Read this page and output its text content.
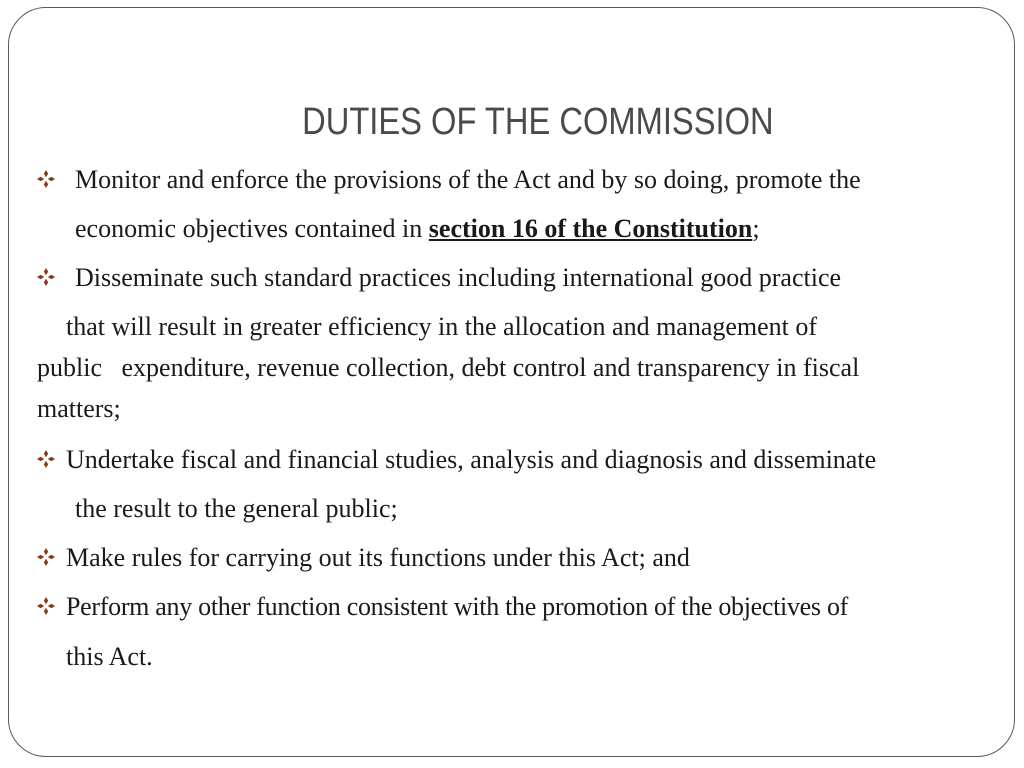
DUTIES OF THE COMMISSION
Monitor and enforce the provisions of the Act and by so doing, promote the
economic objectives contained in section 16 of the Constitution;
Disseminate such standard practices including international good practice
that will result in greater efficiency in the allocation and management of
public   expenditure, revenue collection, debt control and transparency in fiscal
matters;
Undertake fiscal and financial studies, analysis and diagnosis and disseminate
the result to the general public;
Make rules for carrying out its functions under this Act; and
Perform any other function consistent with the promotion of the objectives of
this Act.
